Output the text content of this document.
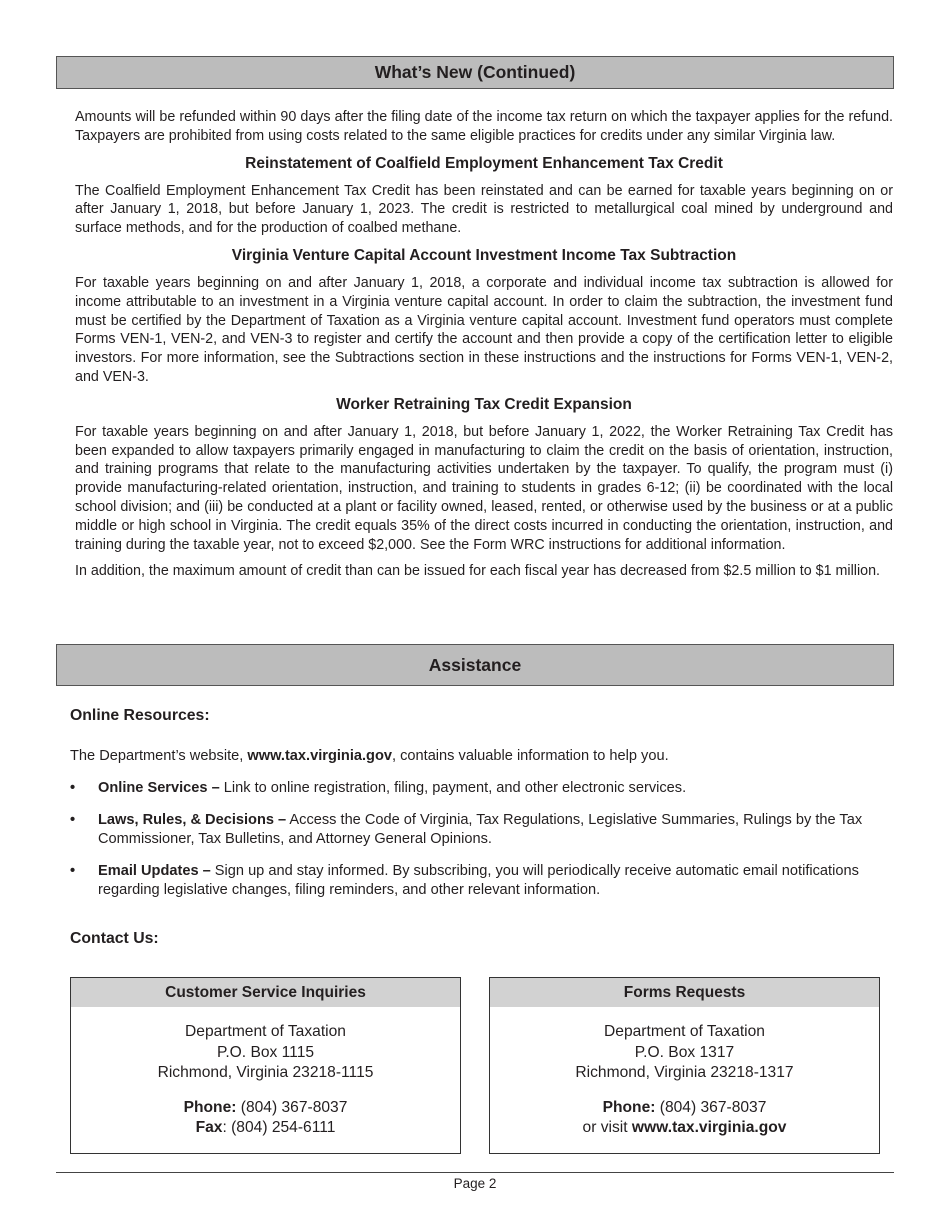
What’s New (Continued)

Amounts will be refunded within 90 days after the filing date of the income tax return on which the taxpayer applies for the refund. Taxpayers are prohibited from using costs related to the same eligible practices for credits under any similar Virginia law.

Reinstatement of Coalfield Employment Enhancement Tax Credit

The Coalfield Employment Enhancement Tax Credit has been reinstated and can be earned for taxable years beginning on or after January 1, 2018, but before January 1, 2023. The credit is restricted to metallurgical coal mined by underground and surface methods, and for the production of coalbed methane.

Virginia Venture Capital Account Investment Income Tax Subtraction

For taxable years beginning on and after January 1, 2018, a corporate and individual income tax subtraction is allowed for income attributable to an investment in a Virginia venture capital account. In order to claim the subtraction, the investment fund must be certified by the Department of Taxation as a Virginia venture capital account. Investment fund operators must complete Forms VEN-1, VEN-2, and VEN-3 to register and certify the account and then provide a copy of the certification letter to eligible investors. For more information, see the Subtractions section in these instructions and the instructions for Forms VEN-1, VEN-2, and VEN-3.

Worker Retraining Tax Credit Expansion

For taxable years beginning on and after January 1, 2018, but before January 1, 2022, the Worker Retraining Tax Credit has been expanded to allow taxpayers primarily engaged in manufacturing to claim the credit on the basis of orientation, instruction, and training programs that relate to the manufacturing activities undertaken by the taxpayer. To qualify, the program must (i) provide manufacturing-related orientation, instruction, and training to students in grades 6-12; (ii) be coordinated with the local school division; and (iii) be conducted at a plant or facility owned, leased, rented, or otherwise used by the business or at a public middle or high school in Virginia. The credit equals 35% of the direct costs incurred in conducting the orientation, instruction, and training during the taxable year, not to exceed $2,000. See the Form WRC instructions for additional information.

In addition, the maximum amount of credit than can be issued for each fiscal year has decreased from $2.5 million to $1 million.

Assistance
Online Resources:

The Department’s website, www.tax.virginia.gov, contains valuable information to help you.

• Online Services – Link to online registration, filing, payment, and other electronic services.
• Laws, Rules, & Decisions – Access the Code of Virginia, Tax Regulations, Legislative Summaries, Rulings by the Tax Commissioner, Tax Bulletins, and Attorney General Opinions.
• Email Updates – Sign up and stay informed. By subscribing, you will periodically receive automatic email notifications regarding legislative changes, filing reminders, and other relevant information.
Contact Us:
Customer Service Inquiries
Department of Taxation
P.O. Box 1115
Richmond, Virginia 23218-1115
Phone: (804) 367-8037
Fax: (804) 254-6111
Forms Requests
Department of Taxation
P.O. Box 1317
Richmond, Virginia 23218-1317
Phone: (804) 367-8037
or visit www.tax.virginia.gov
Page 2
